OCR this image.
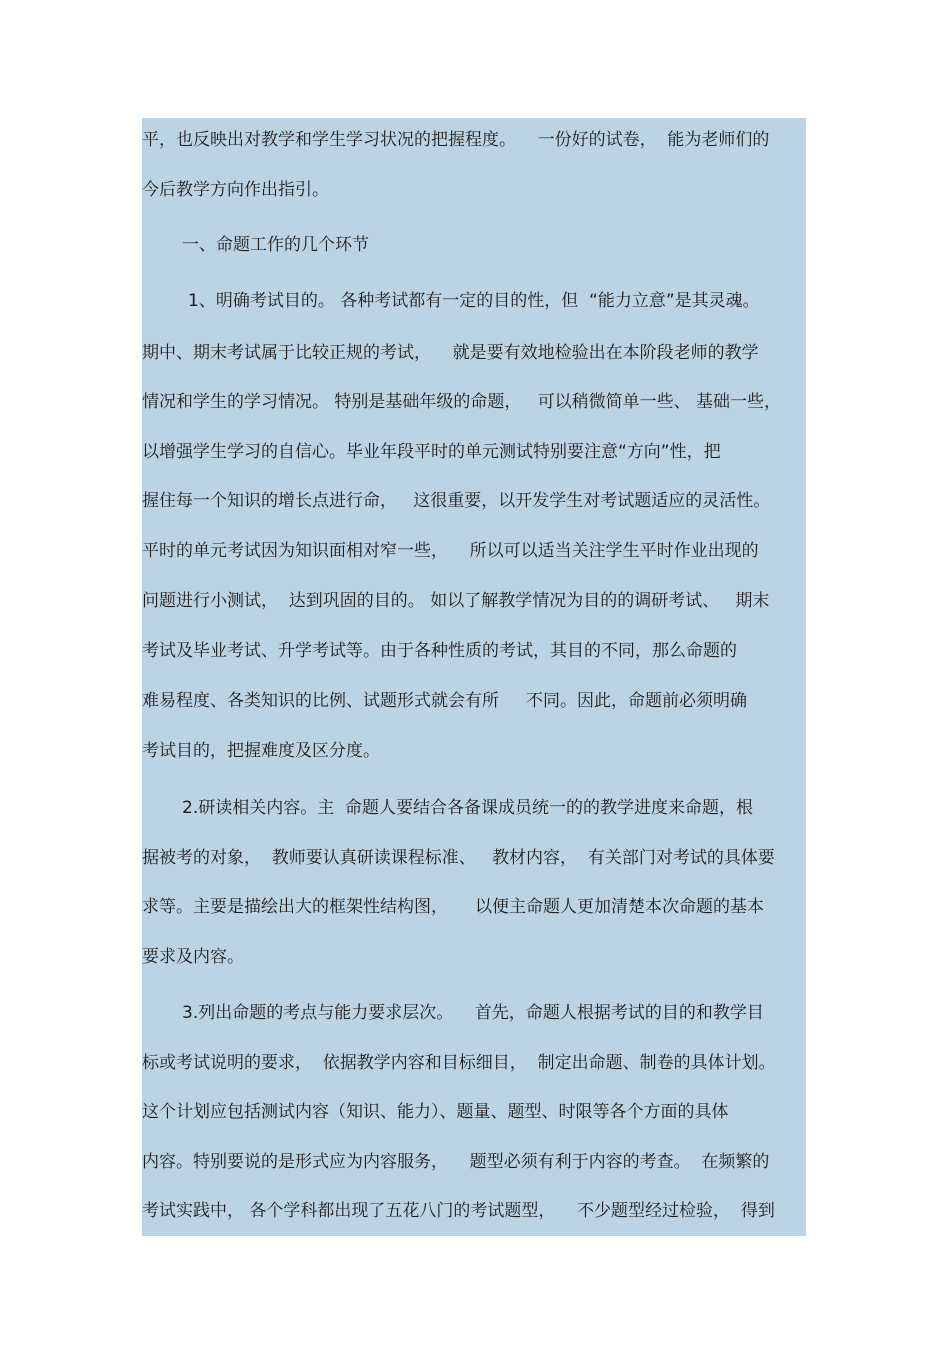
平，也反映出对教学和学生学习状况的把握程度。    一份好的试卷，  能为老师们的
今后教学方向作出指引。
一、命题工作的几个环节
1、明确考试目的。 各种考试都有一定的目的性，但  “能力立意”是其灵魂。
期中、期末考试属于比较正规的考试，    就是要有效地检验出在本阶段老师的教学
情况和学生的学习情况。 特别是基础年级的命题，   可以稍微简单一些、 基础一些，
以增强学生学习的自信心。毕业年段平时的单元测试特别要注意“方向”性，把
握住每一个知识的增长点进行命，   这很重要，以开发学生对考试题适应的灵活性。
平时的单元考试因为知识面相对窄一些，    所以可以适当关注学生平时作业出现的
问题进行小测试，  达到巩固的目的。 如以了解教学情况为目的的调研考试、   期末
考试及毕业考试、升学考试等。由于各种性质的考试，其目的不同，那么命题的
难易程度、各类知识的比例、试题形式就会有所     不同。因此，命题前必须明确
考试目的，把握难度及区分度。
2.研读相关内容。主  命题人要结合各备课成员统一的的教学进度来命题，根
据被考的对象，  教师要认真研读课程标准、   教材内容，  有关部门对考试的具体要
求等。主要是描绘出大的框架性结构图，     以便主命题人更加清楚本次命题的基本
要求及内容。
3.列出命题的考点与能力要求层次。    首先，命题人根据考试的目的和教学目
标或考试说明的要求，  依据教学内容和目标细目，  制定出命题、制卷的具体计划。
这个计划应包括测试内容（知识、能力）、题量、题型、时限等各个方面的具体
内容。特别要说的是形式应为内容服务，    题型必须有利于内容的考查。  在频繁的
考试实践中， 各个学科都出现了五花八门的考试题型，    不少题型经过检验，  得到
